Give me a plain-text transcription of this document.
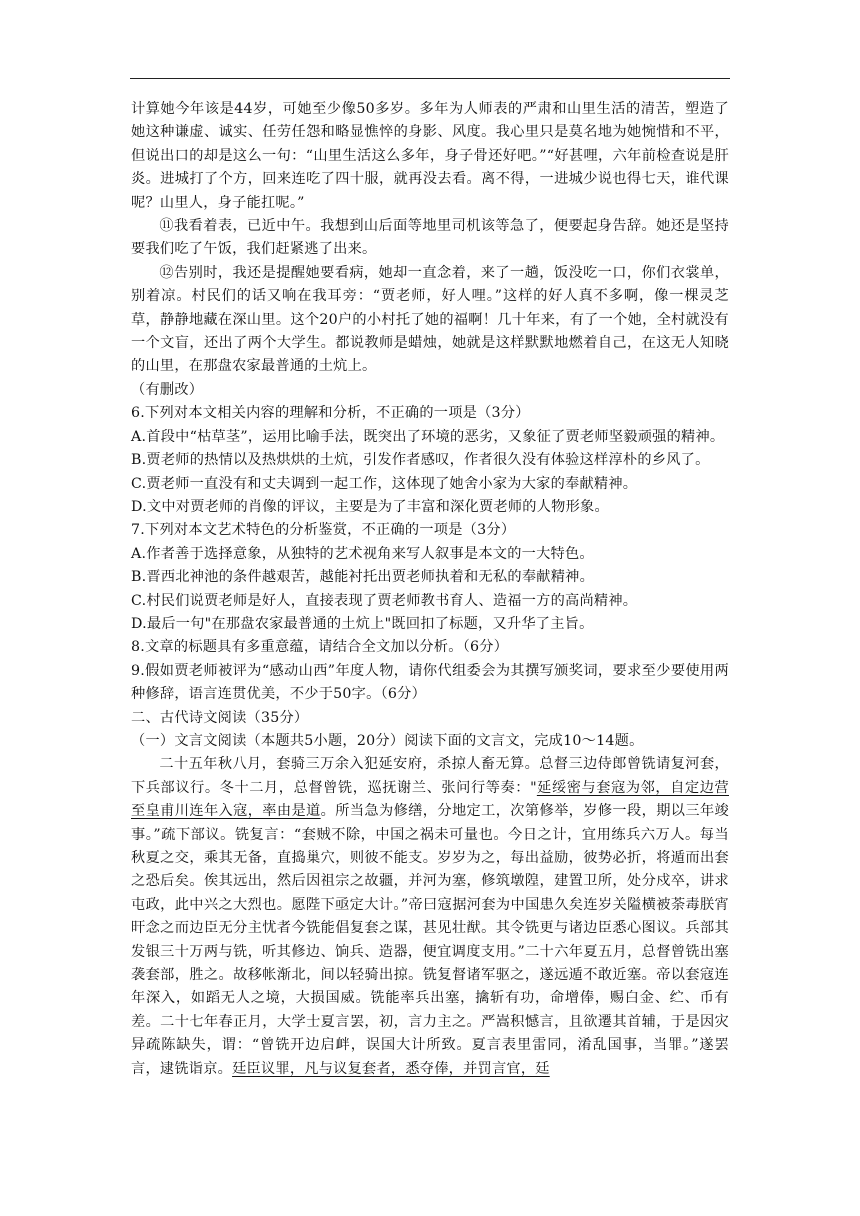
计算她今年该是44岁，可她至少像50多岁。多年为人师表的严肃和山里生活的清苦，塑造了她这种谦虚、诚实、任劳任怨和略显憔悴的身影、风度。我心里只是莫名地为她惋惜和不平，但说出口的却是这么一句：“山里生活这么多年，身子骨还好吧。”“好甚哩，六年前检查说是肝炎。进城打了个方，回来连吃了四十服，就再没去看。离不得，一进城少说也得七天，谁代课呢？山里人，身子能扛呢。”

⑪我看着表，已近中午。我想到山后面等地里司机该等急了，便要起身告辞。她还是坚持要我们吃了午饭，我们赶紧逃了出来。

⑫告别时，我还是提醒她要看病，她却一直念着，来了一趟，饭没吃一口，你们衣裳单，别着凉。村民们的话又响在我耳旁：“贾老师，好人哩。”这样的好人真不多啊，像一棵灵芝草，静静地藏在深山里。这个20户的小村托了她的福啊！几十年来，有了一个她，全村就没有一个文盲，还出了两个大学生。都说教师是蜡烛，她就是这样默默地燃着自己，在这无人知晓的山里，在那盘农家最普通的土炕上。

（有删改）

6.下列对本文相关内容的理解和分析，不正确的一项是（3分）

A.首段中“枯草茎”，运用比喻手法，既突出了环境的恶劣，又象征了贾老师坚毅顽强的精神。

B.贾老师的热情以及热烘烘的土炕，引发作者感叹，作者很久没有体验这样淳朴的乡风了。

C.贾老师一直没有和丈夫调到一起工作，这体现了她舍小家为大家的奉献精神。

D.文中对贾老师的肖像的评议，主要是为了丰富和深化贾老师的人物形象。

7.下列对本文艺术特色的分析鉴赏，不正确的一项是（3分）

A.作者善于选择意象，从独特的艺术视角来写人叙事是本文的一大特色。

B.晋西北神池的条件越艰苦，越能衬托出贾老师执着和无私的奉献精神。

C.村民们说贾老师是好人，直接表现了贾老师教书育人、造福一方的高尚精神。

D.最后一句"在那盘农家最普通的土炕上"既回扣了标题，又升华了主旨。

8.文章的标题具有多重意蕴，请结合全文加以分析。（6分）

9.假如贾老师被评为“感动山西”年度人物，请你代组委会为其撰写颁奖词，要求至少要使用两种修辞，语言连贯优美，不少于50字。（6分）

二、古代诗文阅读（35分）

（一）文言文阅读（本题共5小题，20分）阅读下面的文言文，完成10～14题。

二十五年秋八月，套骑三万余入犯延安府，杀掠人畜无算。总督三边侍郎曾铣请复河套，下兵部议行。冬十二月，总督曾铣，巡抚谢兰、张问行等奏："延绥密与套寇为邻，自定边营至皇甫川连年入寇，率由是道。所当急为修缮，分地定工，次第修举，岁修一段，期以三年竣事。”疏下部议。铣复言：“套贼不除，中国之祸未可量也。今日之计，宜用练兵六万人。每当秋夏之交，乘其无备，直捣巢穴，则彼不能支。岁岁为之，每出益励，彼势必折，将遁而出套之恐后矣。俟其远出，然后因祖宗之故疆，并河为塞，修筑墩隍，建置卫所，处分戍卒，讲求屯政，此中兴之大烈也。愿陛下亟定大计。”帝曰寇据河套为中国患久矣连岁关隘横被荼毒朕宵旰念之而边臣无分主忧者今铣能倡复套之谋，甚见壮猷。其令铣更与诸边臣悉心图议。兵部其发银三十万两与铣，听其修边、饷兵、造器，便宜调度支用。”二十六年夏五月，总督曾铣出塞袭套部，胜之。故移帐渐北，间以轻骑出掠。铣复督诸军驱之，遂远遁不敢近塞。帝以套寇连年深入，如蹈无人之境，大损国威。铣能率兵出塞，擒斩有功，命增俸，赐白金、纻、币有差。二十七年春正月，大学士夏言罢，初，言力主之。严嵩积憾言，且欲遷其首辅，于是因灾异疏陈缺失，谓：“曾铣开边启衅，误国大计所致。夏言表里雷同，淆乱国事，当罪。”遂罢言，逮铣诣京。廷臣议罪，凡与议复套者，悉夺俸，并罚言官，廷
